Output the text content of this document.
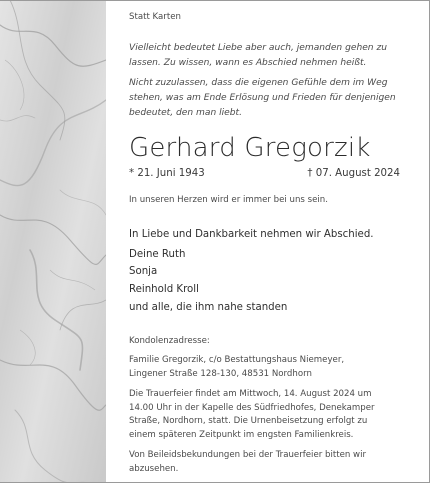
Statt Karten
Vielleicht bedeutet Liebe aber auch, jemanden gehen zu
lassen. Zu wissen, wann es Abschied nehmen heißt.
Nicht zuzulassen, dass die eigenen Gefühle dem im Weg
stehen, was am Ende Erlösung und Frieden für denjenigen
bedeutet, den man liebt.
Gerhard Gregorzik
* 21. Juni 1943	† 07. August 2024
In unseren Herzen wird er immer bei uns sein.
In Liebe und Dankbarkeit nehmen wir Abschied.
Deine Ruth
Sonja
Reinhold Kroll
und alle, die ihm nahe standen
Kondolenzadresse:
Familie Gregorzik, c/o Bestattungshaus Niemeyer,
Lingener Straße 128-130, 48531 Nordhorn
Die Trauerfeier findet am Mittwoch, 14. August 2024 um
14.00 Uhr in der Kapelle des Südfriedhofes, Denekamper
Straße, Nordhorn, statt. Die Urnenbeisetzung erfolgt zu
einem späteren Zeitpunkt im engsten Familienkreis.
Von Beileidsbekundungen bei der Trauerfeier bitten wir
abzusehen.
